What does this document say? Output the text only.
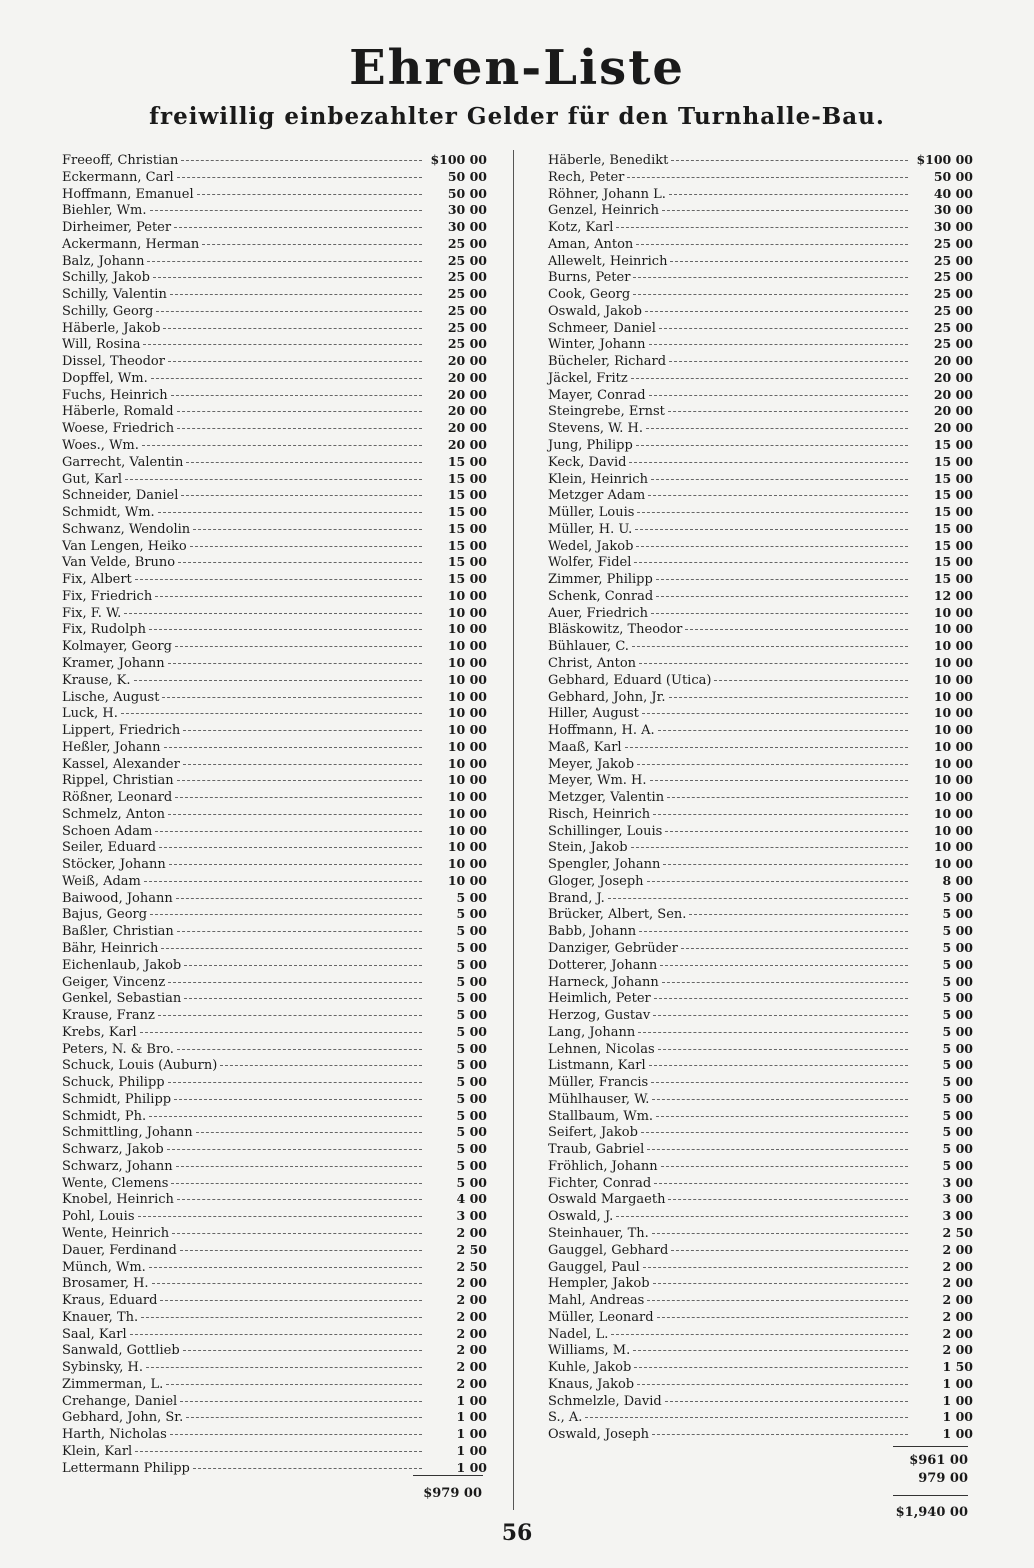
Ehren-Liste
freiwillig einbezahlter Gelder für den Turnhalle-Bau.
Freeoff, Christian	$100 00
Eckermann, Carl	50 00
Hoffmann, Emanuel	50 00
Biehler, Wm.	30 00
Dirheimer, Peter	30 00
Ackermann, Herman	25 00
Balz, Johann	25 00
Schilly, Jakob	25 00
Schilly, Valentin	25 00
Schilly, Georg	25 00
Häberle, Jakob	25 00
Will, Rosina	25 00
Dissel, Theodor	20 00
Dopffel, Wm.	20 00
Fuchs, Heinrich	20 00
Häberle, Romald	20 00
Woese, Friedrich	20 00
Woes., Wm.	20 00
Garrecht, Valentin	15 00
Gut, Karl	15 00
Schneider, Daniel	15 00
Schmidt, Wm.	15 00
Schwanz, Wendolin	15 00
Van Lengen, Heiko	15 00
Van Velde, Bruno	15 00
Fix, Albert	15 00
Fix, Friedrich	10 00
Fix, F. W.	10 00
Fix, Rudolph	10 00
Kolmayer, Georg	10 00
Kramer, Johann	10 00
Krause, K.	10 00
Lische, August	10 00
Luck, H.	10 00
Lippert, Friedrich	10 00
Heßler, Johann	10 00
Kassel, Alexander	10 00
Rippel, Christian	10 00
Rößner, Leonard	10 00
Schmelz, Anton	10 00
Schoen Adam	10 00
Seiler, Eduard	10 00
Stöcker, Johann	10 00
Weiß, Adam	10 00
Baiwood, Johann	5 00
Bajus, Georg	5 00
Baßler, Christian	5 00
Bähr, Heinrich	5 00
Eichenlaub, Jakob	5 00
Geiger, Vincenz	5 00
Genkel, Sebastian	5 00
Krause, Franz	5 00
Krebs, Karl	5 00
Peters, N. & Bro.	5 00
Schuck, Louis (Auburn)	5 00
Schuck, Philipp	5 00
Schmidt, Philipp	5 00
Schmidt, Ph.	5 00
Schmittling, Johann	5 00
Schwarz, Jakob	5 00
Schwarz, Johann	5 00
Wente, Clemens	5 00
Knobel, Heinrich	4 00
Pohl, Louis	3 00
Wente, Heinrich	2 00
Dauer, Ferdinand	2 50
Münch, Wm.	2 50
Brosamer, H.	2 00
Kraus, Eduard	2 00
Knauer, Th.	2 00
Saal, Karl	2 00
Sanwald, Gottlieb	2 00
Sybinsky, H.	2 00
Zimmerman, L.	2 00
Crehange, Daniel	1 00
Gebhard, John, Sr.	1 00
Harth, Nicholas	1 00
Klein, Karl	1 00
Lettermann Philipp	1 00
Häberle, Benedikt	$100 00
Rech, Peter	50 00
Röhner, Johann L.	40 00
Genzel, Heinrich	30 00
Kotz, Karl	30 00
Aman, Anton	25 00
Allewelt, Heinrich	25 00
Burns, Peter	25 00
Cook, Georg	25 00
Oswald, Jakob	25 00
Schmeer, Daniel	25 00
Winter, Johann	25 00
Bücheler, Richard	20 00
Jäckel, Fritz	20 00
Mayer, Conrad	20 00
Steingrebe, Ernst	20 00
Stevens, W. H.	20 00
Jung, Philipp	15 00
Keck, David	15 00
Klein, Heinrich	15 00
Metzger Adam	15 00
Müller, Louis	15 00
Müller, H. U.	15 00
Wedel, Jakob	15 00
Wolfer, Fidel	15 00
Zimmer, Philipp	15 00
Schenk, Conrad	12 00
Auer, Friedrich	10 00
Bläskowitz, Theodor	10 00
Bühlauer, C.	10 00
Christ, Anton	10 00
Gebhard, Eduard (Utica)	10 00
Gebhard, John, Jr.	10 00
Hiller, August	10 00
Hoffmann, H. A.	10 00
Maaß, Karl	10 00
Meyer, Jakob	10 00
Meyer, Wm. H.	10 00
Metzger, Valentin	10 00
Risch, Heinrich	10 00
Schillinger, Louis	10 00
Stein, Jakob	10 00
Spengler, Johann	10 00
Gloger, Joseph	8 00
Brand, J.	5 00
Brücker, Albert, Sen.	5 00
Babb, Johann	5 00
Danziger, Gebrüder	5 00
Dotterer, Johann	5 00
Harneck, Johann	5 00
Heimlich, Peter	5 00
Herzog, Gustav	5 00
Lang, Johann	5 00
Lehnen, Nicolas	5 00
Listmann, Karl	5 00
Müller, Francis	5 00
Mühlhauser, W.	5 00
Stallbaum, Wm.	5 00
Seifert, Jakob	5 00
Traub, Gabriel	5 00
Fröhlich, Johann	5 00
Fichter, Conrad	3 00
Oswald Margaeth	3 00
Oswald, J.	3 00
Steinhauer, Th.	2 50
Gauggel, Gebhard	2 00
Gauggel, Paul	2 00
Hempler, Jakob	2 00
Mahl, Andreas	2 00
Müller, Leonard	2 00
Nadel, L.	2 00
Williams, M.	2 00
Kuhle, Jakob	1 50
Knaus, Jakob	1 00
Schmelzle, David	1 00
S., A.	1 00
Oswald, Joseph	1 00
$979 00
$961 00
979 00
$1,940 00
56
